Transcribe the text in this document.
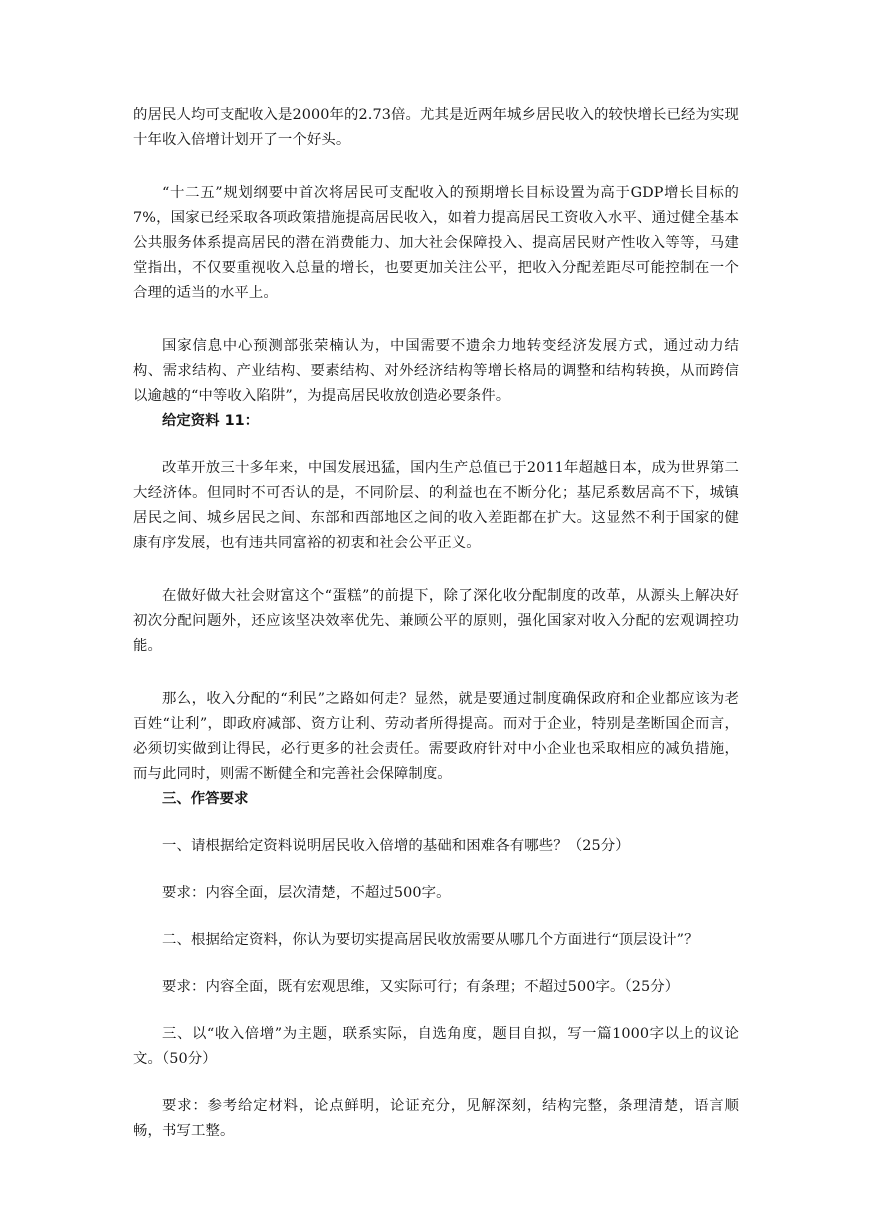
的居民人均可支配收入是2000年的2.73倍。尤其是近两年城乡居民收入的较快增长已经为实现十年收入倍增计划开了一个好头。

“十二五”规划纲要中首次将居民可支配收入的预期增长目标设置为高于GDP增长目标的7%，国家已经采取各项政策措施提高居民收入，如着力提高居民工资收入水平、通过健全基本公共服务体系提高居民的潜在消费能力、加大社会保障投入、提高居民财产性收入等等，马建堂指出，不仅要重视收入总量的增长，也要更加关注公平，把收入分配差距尽可能控制在一个合理的适当的水平上。

国家信息中心预测部张荣楠认为，中国需要不遗余力地转变经济发展方式，通过动力结构、需求结构、产业结构、要素结构、对外经济结构等增长格局的调整和结构转换，从而跨信以逾越的“中等收入陷阱”，为提高居民收放创造必要条件。

给定资料 11：

改革开放三十多年来，中国发展迅猛，国内生产总值已于2011年超越日本，成为世界第二大经济体。但同时不可否认的是，不同阶层、的利益也在不断分化；基尼系数居高不下，城镇居民之间、城乡居民之间、东部和西部地区之间的收入差距都在扩大。这显然不利于国家的健康有序发展，也有违共同富裕的初衷和社会公平正义。

在做好做大社会财富这个“蛋糕”的前提下，除了深化收分配制度的改革，从源头上解决好初次分配问题外，还应该坚决效率优先、兼顾公平的原则，强化国家对收入分配的宏观调控功能。

那么，收入分配的“利民”之路如何走？显然，就是要通过制度确保政府和企业都应该为老百姓“让利”，即政府减部、资方让利、劳动者所得提高。而对于企业，特别是垄断国企而言，必须切实做到让得民，必行更多的社会责任。需要政府针对中小企业也采取相应的减负措施，而与此同时，则需不断健全和完善社会保障制度。

三、作答要求

一、请根据给定资料说明居民收入倍增的基础和困难各有哪些？（25分）

要求：内容全面，层次清楚，不超过500字。

二、根据给定资料，你认为要切实提高居民收放需要从哪几个方面进行“顶层设计”？

要求：内容全面，既有宏观思维，又实际可行；有条理；不超过500字。（25分）

三、以“收入倍增”为主题，联系实际，自选角度，题目自拟，写一篇1000字以上的议论文。（50分）

要求：参考给定材料，论点鲜明，论证充分，见解深刻，结构完整，条理清楚，语言顺畅，书写工整。
